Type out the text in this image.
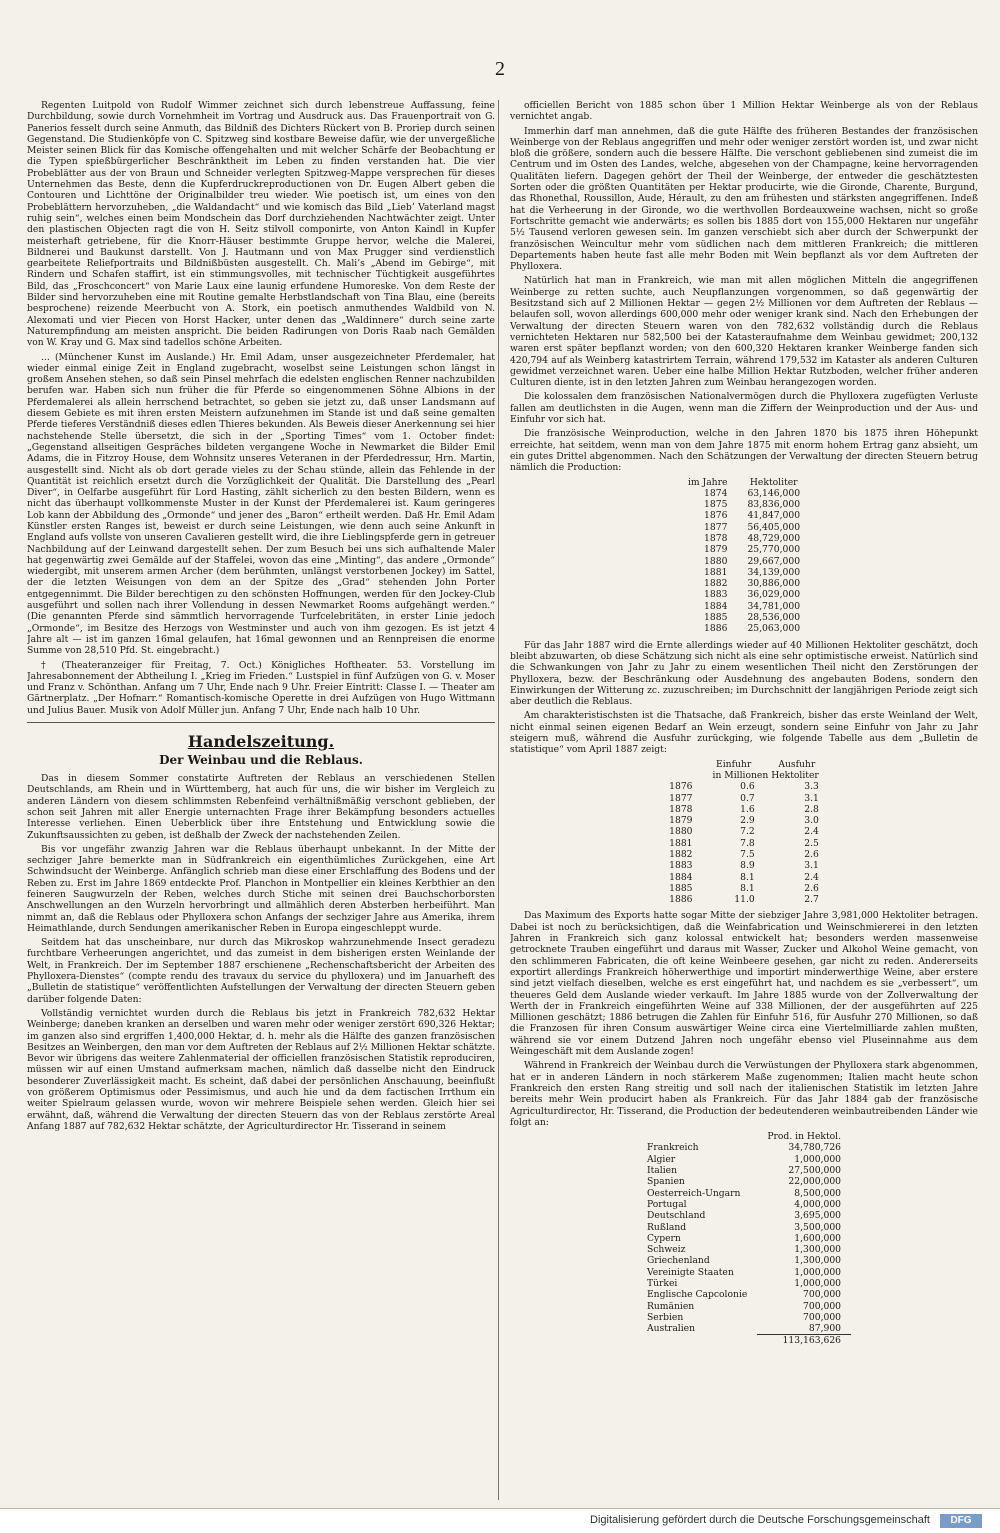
2

Regenten Luitpold von Rudolf Wimmer zeichnet sich durch lebenstreue Auffassung, feine Durchbildung, sowie durch Vornehmheit im Vortrag und Ausdruck aus. Das Frauenportrait von G. Panerios fesselt durch seine Anmuth, das Bildniß des Dichters Rückert von B. Proriep durch seinen Gegenstand. Die Studienköpfe von C. Spitzweg sind kostbare Beweise dafür, wie der unvergeßliche Meister seinen Blick für das Komische offengehalten und mit welcher Schärfe der Beobachtung er die Typen spießbürgerlicher Beschränktheit im Leben zu finden verstanden hat. Die vier Probeblätter aus der von Braun und Schneider verlegten Spitzweg-Mappe versprechen für dieses Unternehmen das Beste, denn die Kupferdruckreproductionen von Dr. Eugen Albert geben die Contouren und Lichttöne der Originalbilder treu wieder. Wie poetisch ist, um eines von den Probeblättern hervorzuheben, „die Waldandacht“ und wie komisch das Bild „Lieb’ Vaterland magst ruhig sein“, welches einen beim Mondschein das Dorf durchziehenden Nachtwächter zeigt. Unter den plastischen Objecten ragt die von H. Seitz stilvoll componirte, von Anton Kaindl in Kupfer meisterhaft getriebene, für die Knorr-Häuser bestimmte Gruppe hervor, welche die Malerei, Bildnerei und Baukunst darstellt. Von J. Hautmann und von Max Prugger sind verdienstlich gearbeitete Reliefportraits und Bildnißbüsten ausgestellt. Ch. Mali’s „Abend im Gebirge“, mit Rindern und Schafen staffirt, ist ein stimmungsvolles, mit technischer Tüchtigkeit ausgeführtes Bild, das „Froschconcert“ von Marie Laux eine launig erfundene Humoreske. Von dem Reste der Bilder sind hervorzuheben eine mit Routine gemalte Herbstlandschaft von Tina Blau, eine (bereits besprochene) reizende Meerbucht von A. Stork, ein poetisch anmuthendes Waldbild von N. Alexomati und vier Piecen von Horst Hacker, unter denen das „Waldinnere“ durch seine zarte Naturempfindung am meisten anspricht. Die beiden Radirungen von Doris Raab nach Gemälden von W. Kray und G. Max sind tadellos schöne Arbeiten.

... (Münchener Kunst im Auslande.) Hr. Emil Adam, unser ausgezeichneter Pferdemaler, hat wieder einmal einige Zeit in England zugebracht, woselbst seine Leistungen schon längst in großem Ansehen stehen, so daß sein Pinsel mehrfach die edelsten englischen Renner nachzubilden berufen war. Haben sich nun früher die für Pferde so eingenommenen Söhne Albions in der Pferdemalerei als allein herrschend betrachtet, so geben sie jetzt zu, daß unser Landsmann auf diesem Gebiete es mit ihren ersten Meistern aufzunehmen im Stande ist und daß seine gemalten Pferde tieferes Verständniß dieses edlen Thieres bekunden. Als Beweis dieser Anerkennung sei hier nachstehende Stelle übersetzt, die sich in der „Sporting Times“ vom 1. October findet: „Gegenstand allseitigen Gespräches bildeten vergangene Woche in Newmarket die Bilder Emil Adams, die in Fitzroy House, dem Wohnsitz unseres Veteranen in der Pferdedressur, Hrn. Martin, ausgestellt sind. Nicht als ob dort gerade vieles zu der Schau stünde, allein das Fehlende in der Quantität ist reichlich ersetzt durch die Vorzüglichkeit der Qualität. Die Darstellung des „Pearl Diver“, in Oelfarbe ausgeführt für Lord Hasting, zählt sicherlich zu den besten Bildern, wenn es nicht das überhaupt vollkommenste Muster in der Kunst der Pferdemalerei ist. Kaum geringeres Lob kann der Abbildung des „Ormonde“ und jener des „Baron“ ertheilt werden. Daß Hr. Emil Adam Künstler ersten Ranges ist, beweist er durch seine Leistungen, wie denn auch seine Ankunft in England aufs vollste von unseren Cavalieren gestellt wird, die ihre Lieblingspferde gern in getreuer Nachbildung auf der Leinwand dargestellt sehen. Der zum Besuch bei uns sich aufhaltende Maler hat gegenwärtig zwei Gemälde auf der Staffelei, wovon das eine „Minting“, das andere „Ormonde“ wiedergibt, mit unserem armen Archer (dem berühmten, unlängst verstorbenen Jockey) im Sattel, der die letzten Weisungen von dem an der Spitze des „Grad“ stehenden John Porter entgegennimmt. Die Bilder berechtigen zu den schönsten Hoffnungen, werden für den Jockey-Club ausgeführt und sollen nach ihrer Vollendung in dessen Newmarket Rooms aufgehängt werden.“ (Die genannten Pferde sind sämmtlich hervorragende Turfcelebritäten, in erster Linie jedoch „Ormonde“, im Besitze des Herzogs von Westminster und auch von ihm gezogen. Es ist jetzt 4 Jahre alt — ist im ganzen 16mal gelaufen, hat 16mal gewonnen und an Rennpreisen die enorme Summe von 28,510 Pfd. St. eingebracht.)

† (Theateranzeiger für Freitag, 7. Oct.) Königliches Hoftheater. 53. Vorstellung im Jahresabonnement der Abtheilung I. „Krieg im Frieden.“ Lustspiel in fünf Aufzügen von G. v. Moser und Franz v. Schönthan. Anfang um 7 Uhr, Ende nach 9 Uhr. Freier Eintritt: Classe I. — Theater am Gärtnerplatz. „Der Hofnarr.“ Romantisch-komische Operette in drei Aufzügen von Hugo Wittmann und Julius Bauer. Musik von Adolf Müller jun. Anfang 7 Uhr, Ende nach halb 10 Uhr.

Handelszeitung.
Der Weinbau und die Reblaus.

Das in diesem Sommer constatirte Auftreten der Reblaus an verschiedenen Stellen Deutschlands, am Rhein und in Württemberg, hat auch für uns, die wir bisher im Vergleich zu anderen Ländern von diesem schlimmsten Rebenfeind verhältnißmäßig verschont geblieben, der schon seit Jahren mit aller Energie unternachten Frage ihrer Bekämpfung besonders actuelles Interesse verliehen. Einen Ueberblick über ihre Entstehung und Entwicklung sowie die Zukunftsaussichten zu geben, ist deßhalb der Zweck der nachstehenden Zeilen.

Bis vor ungefähr zwanzig Jahren war die Reblaus überhaupt unbekannt. In der Mitte der sechziger Jahre bemerkte man in Südfrankreich ein eigenthümliches Zurückgehen, eine Art Schwindsucht der Weinberge. Anfänglich schrieb man diese einer Erschlaffung des Bodens und der Reben zu. Erst im Jahre 1869 entdeckte Prof. Planchon in Montpellier ein kleines Kerbthier an den feineren Saugwurzeln der Reben, welches durch Stiche mit seinen drei Bauchschorborsten Anschwellungen an den Wurzeln hervorbringt und allmählich deren Absterben herbeiführt. Man nimmt an, daß die Reblaus oder Phylloxera schon Anfangs der sechziger Jahre aus Amerika, ihrem Heimathlande, durch Sendungen amerikanischer Reben in Europa eingeschleppt wurde.

Seitdem hat das unscheinbare, nur durch das Mikroskop wahrzunehmende Insect geradezu furchtbare Verheerungen angerichtet, und das zumeist in dem bisherigen ersten Weinlande der Welt, in Frankreich. Der im September 1887 erschienene „Rechenschaftsbericht der Arbeiten des Phylloxera-Dienstes“ (compte rendu des travaux du service du phylloxera) und im Januarheft des „Bulletin de statistique“ veröffentlichten Aufstellungen der Verwaltung der directen Steuern geben darüber folgende Daten:

Vollständig vernichtet wurden durch die Reblaus bis jetzt in Frankreich 782,632 Hektar Weinberge; daneben kranken an derselben und waren mehr oder weniger zerstört 690,326 Hektar; im ganzen also sind ergriffen 1,400,000 Hektar, d. h. mehr als die Hälfte des ganzen französischen Besitzes an Weinbergen, den man vor dem Auftreten der Reblaus auf 2½ Millionen Hektar schätzte. Bevor wir übrigens das weitere Zahlenmaterial der officiellen französischen Statistik reproduciren, müssen wir auf einen Umstand aufmerksam machen, nämlich daß dasselbe nicht den Eindruck besonderer Zuverlässigkeit macht. Es scheint, daß dabei der persönlichen Anschauung, beeinflußt von größerem Optimismus oder Pessimismus, und auch hie und da dem factischen Irrthum ein weiter Spielraum gelassen wurde, wovon wir mehrere Beispiele sehen werden. Gleich hier sei erwähnt, daß, während die Verwaltung der directen Steuern das von der Reblaus zerstörte Areal Anfang 1887 auf 782,632 Hektar schätzte, der Agriculturdirector Hr. Tisserand in seinem

officiellen Bericht von 1885 schon über 1 Million Hektar Weinberge als von der Reblaus vernichtet angab.

Immerhin darf man annehmen, daß die gute Hälfte des früheren Bestandes der französischen Weinberge von der Reblaus angegriffen und mehr oder weniger zerstört worden ist, und zwar nicht bloß die größere, sondern auch die bessere Hälfte. Die verschont gebliebenen sind zumeist die im Centrum und im Osten des Landes, welche, abgesehen von der Champagne, keine hervorragenden Qualitäten liefern. Dagegen gehört der Theil der Weinberge, der entweder die geschätztesten Sorten oder die größten Quantitäten per Hektar producirte, wie die Gironde, Charente, Burgund, das Rhonethal, Roussillon, Aude, Hérault, zu den am frühesten und stärksten angegriffenen. Indeß hat die Verheerung in der Gironde, wo die werthvollen Bordeauxweine wachsen, nicht so große Fortschritte gemacht wie anderwärts; es sollen bis 1885 dort von 155,000 Hektaren nur ungefähr 5½ Tausend verloren gewesen sein. Im ganzen verschiebt sich aber durch der Schwerpunkt der französischen Weincultur mehr vom südlichen nach dem mittleren Frankreich; die mittleren Departements haben heute fast alle mehr Boden mit Wein bepflanzt als vor dem Auftreten der Phylloxera.

Natürlich hat man in Frankreich, wie man mit allen möglichen Mitteln die angegriffenen Weinberge zu retten suchte, auch Neupflanzungen vorgenommen, so daß gegenwärtig der Besitzstand sich auf 2 Millionen Hektar — gegen 2½ Millionen vor dem Auftreten der Reblaus — belaufen soll, wovon allerdings 600,000 mehr oder weniger krank sind. Nach den Erhebungen der Verwaltung der directen Steuern waren von den 782,632 vollständig durch die Reblaus vernichteten Hektaren nur 582,500 bei der Katasteraufnahme dem Weinbau gewidmet; 200,132 waren erst später bepflanzt worden; von den 600,320 Hektaren kranker Weinberge fanden sich 420,794 auf als Weinberg katastrirtem Terrain, während 179,532 im Kataster als anderen Culturen gewidmet verzeichnet waren. Ueber eine halbe Million Hektar Rutzboden, welcher früher anderen Culturen diente, ist in den letzten Jahren zum Weinbau herangezogen worden.

Die kolossalen dem französischen Nationalvermögen durch die Phylloxera zugefügten Verluste fallen am deutlichsten in die Augen, wenn man die Ziffern der Weinproduction und der Aus- und Einfuhr vor sich hat.

Die französische Weinproduction, welche in den Jahren 1870 bis 1875 ihren Höhepunkt erreichte, hat seitdem, wenn man von dem Jahre 1875 mit enorm hohem Ertrag ganz absieht, um ein gutes Drittel abgenommen. Nach den Schätzungen der Verwaltung der directen Steuern betrug nämlich die Production:

im Jahre	Hektoliter
1874	63,146,000
1875	83,836,000
1876	41,847,000
1877	56,405,000
1878	48,729,000
1879	25,770,000
1880	29,667,000
1881	34,139,000
1882	30,886,000
1883	36,029,000
1884	34,781,000
1885	28,536,000
1886	25,063,000

Für das Jahr 1887 wird die Ernte allerdings wieder auf 40 Millionen Hektoliter geschätzt, doch bleibt abzuwarten, ob diese Schätzung sich nicht als eine sehr optimistische erweist. Natürlich sind die Schwankungen von Jahr zu Jahr zu einem wesentlichen Theil nicht den Zerstörungen der Phylloxera, bezw. der Beschränkung oder Ausdehnung des angebauten Bodens, sondern den Einwirkungen der Witterung zc. zuzuschreiben; im Durchschnitt der langjährigen Periode zeigt sich aber deutlich die Reblaus.

Am charakteristischsten ist die Thatsache, daß Frankreich, bisher das erste Weinland der Welt, nicht einmal seinen eigenen Bedarf an Wein erzeugt, sondern seine Einfuhr von Jahr zu Jahr steigern muß, während die Ausfuhr zurückging, wie folgende Tabelle aus dem „Bulletin de statistique“ vom April 1887 zeigt:

	Einfuhr	Ausfuhr
	in Millionen Hektoliter	
1876	0.6	3.3
1877	0.7	3.1
1878	1.6	2.8
1879	2.9	3.0
1880	7.2	2.4
1881	7.8	2.5
1882	7.5	2.6
1883	8.9	3.1
1884	8.1	2.4
1885	8.1	2.6
1886	11.0	2.7

Das Maximum des Exports hatte sogar Mitte der siebziger Jahre 3,981,000 Hektoliter betragen. Dabei ist noch zu berücksichtigen, daß die Weinfabrication und Weinschmiererei in den letzten Jahren in Frankreich sich ganz kolossal entwickelt hat; besonders werden massenweise getrocknete Trauben eingeführt und daraus mit Wasser, Zucker und Alkohol Weine gemacht, von den schlimmeren Fabricaten, die oft keine Weinbeere gesehen, gar nicht zu reden. Andererseits exportirt allerdings Frankreich höherwerthige und importirt minderwerthige Weine, aber erstere sind jetzt vielfach dieselben, welche es erst eingeführt hat, und nachdem es sie „verbessert“, um theueres Geld dem Auslande wieder verkauft. Im Jahre 1885 wurde von der Zollverwaltung der Werth der in Frankreich eingeführten Weine auf 338 Millionen, der der ausgeführten auf 225 Millionen geschätzt; 1886 betrugen die Zahlen für Einfuhr 516, für Ausfuhr 270 Millionen, so daß die Franzosen für ihren Consum auswärtiger Weine circa eine Viertelmilliarde zahlen mußten, während sie vor einem Dutzend Jahren noch ungefähr ebenso viel Pluseinnahme aus dem Weingeschäft mit dem Auslande zogen!

Während in Frankreich der Weinbau durch die Verwüstungen der Phylloxera stark abgenommen, hat er in anderen Ländern in noch stärkerem Maße zugenommen; Italien macht heute schon Frankreich den ersten Rang streitig und soll nach der italienischen Statistik im letzten Jahre bereits mehr Wein producirt haben als Frankreich. Für das Jahr 1884 gab der französische Agriculturdirector, Hr. Tisserand, die Production der bedeutenderen weinbautreibenden Länder wie folgt an:

	Prod. in Hektol.
Frankreich	34,780,726
Algier	1,000,000
Italien	27,500,000
Spanien	22,000,000
Oesterreich-Ungarn	8,500,000
Portugal	4,000,000
Deutschland	3,695,000
Rußland	3,500,000
Cypern	1,600,000
Schweiz	1,300,000
Griechenland	1,300,000
Vereinigte Staaten	1,000,000
Türkei	1,000,000
Englische Capcolonie	700,000
Rumänien	700,000
Serbien	700,000
Australien	87,900
	113,163,626
Digitalisierung gefördert durch die Deutsche Forschungsgemeinschaft	DFG
